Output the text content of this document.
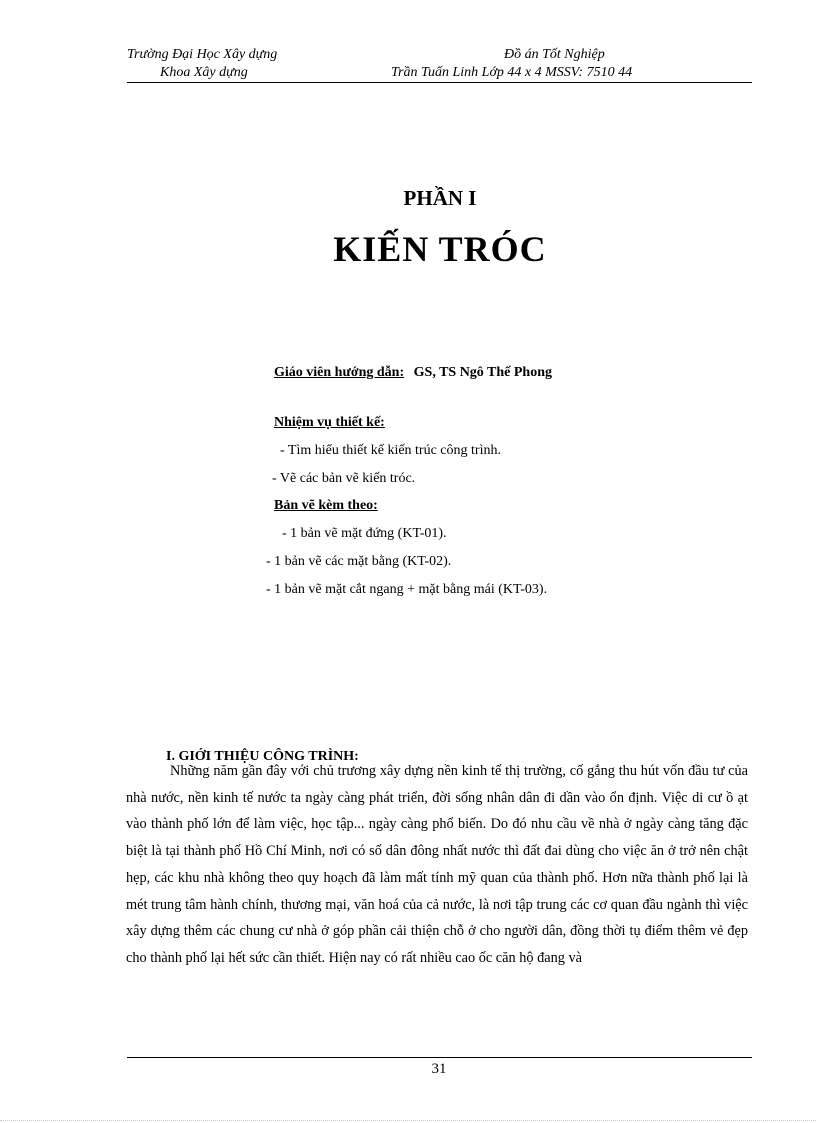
Trường Đại Học Xây dựng
Khoa Xây dựng
Đồ án Tốt Nghiệp
Trần Tuấn Linh Lớp 44 x 4 MSSV: 7510 44
PHẦN I
KIẾN TRÓC
Giáo viên hướng dẫn: GS, TS Ngô Thế Phong
Nhiệm vụ thiết kế:
- Tìm hiểu thiết kế kiến trúc công trình.
- Vẽ các bản vẽ kiến tróc.
Bản vẽ kèm theo:
- 1 bản vẽ mặt đứng (KT-01).
- 1 bản vẽ các mặt bằng (KT-02).
- 1 bản vẽ mặt cắt ngang + mặt bằng mái (KT-03).
I. GIỚI THIỆU CÔNG TRÌNH:
Những năm gần đây với chủ trương xây dựng nền kinh tế thị trường, cố gắng thu hút vốn đầu tư của nhà nước, nền kinh tế nước ta ngày càng phát triển, đời sống nhân dân đi dần vào ổn định. Việc di cư ồ ạt vào thành phố lớn để làm việc, học tập... ngày càng phổ biến. Do đó nhu cầu về nhà ở ngày càng tăng đặc biệt là tại thành phố Hồ Chí Minh, nơi có số dân đông nhất nước thì đất đai dùng cho việc ăn ở trở nên chật hẹp, các khu nhà không theo quy hoạch đã làm mất tính mỹ quan của thành phố. Hơn nữa thành phố lại là mét trung tâm hành chính, thương mại, văn hoá của cả nước, là nơi tập trung các cơ quan đầu ngành thì việc xây dựng thêm các chung cư nhà ở góp phần cải thiện chỗ ở cho người dân, đồng thời tụ điểm thêm vẻ đẹp cho thành phố lại hết sức cần thiết. Hiện nay có rất nhiều cao ốc căn hộ đang và
31
